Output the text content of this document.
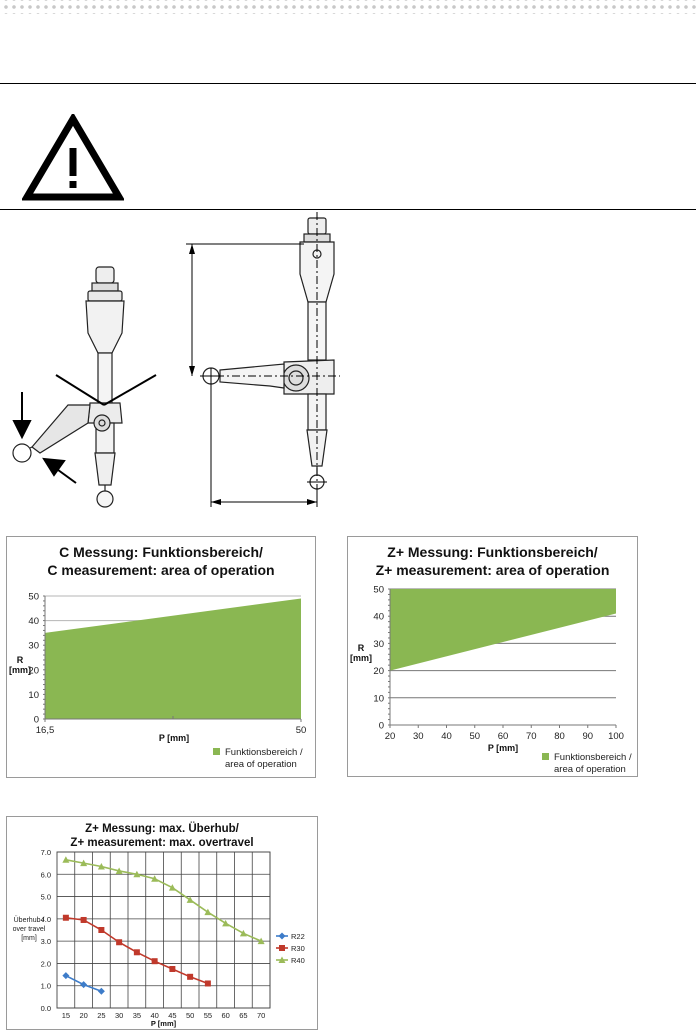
C Messung: Funktionsbereich/
C measurement: area of operation
0
10
20
30
40
50
16,5	50
P [mm]
R
[mm]
Funktionsbereich /
area of operation
Z+ Messung: Funktionsbereich/
Z+ measurement: area of operation
0
10
20
30
40
50
20 30 40 50 60 70 80 90 100
P [mm]
R
[mm]
Funktionsbereich /
area of operation
Z+ Messung: max. Überhub/
Z+ measurement: max. overtravel
0.0
1.0
2.0
3.0
4.0
5.0
6.0
7.0
15 20 25 30 35 40 45 50 55 60 65 70
P [mm]
Überhub /
over travel
[mm]	R22
R30
R40
